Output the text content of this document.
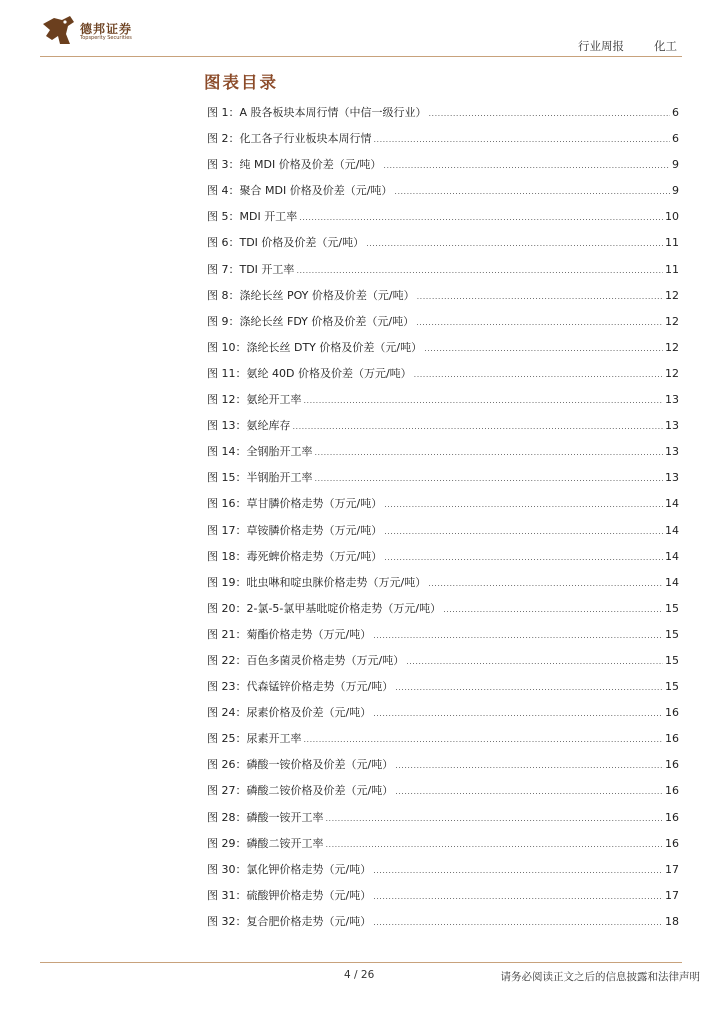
德邦证券
Topsperity Securities
行业周报	化工
图表目录
图 1：A 股各板块本周行情（中信一级行业） .....	6
图 2：化工各子行业板块本周行情 .....	6
图 3：纯 MDI 价格及价差（元/吨） .....	9
图 4：聚合 MDI 价格及价差（元/吨） .....	9
图 5：MDI 开工率 .....	10
图 6：TDI 价格及价差（元/吨） .....	11
图 7：TDI 开工率 .....	11
图 8：涤纶长丝 POY 价格及价差（元/吨） .....	12
图 9：涤纶长丝 FDY 价格及价差（元/吨） .....	12
图 10：涤纶长丝 DTY 价格及价差（元/吨） .....	12
图 11：氨纶 40D 价格及价差（万元/吨） .....	12
图 12：氨纶开工率 .....	13
图 13：氨纶库存 .....	13
图 14：全钢胎开工率 .....	13
图 15：半钢胎开工率 .....	13
图 16：草甘膦价格走势（万元/吨） .....	14
图 17：草铵膦价格走势（万元/吨） .....	14
图 18：毒死蜱价格走势（万元/吨） .....	14
图 19：吡虫啉和啶虫脒价格走势（万元/吨） .....	14
图 20：2-氯-5-氯甲基吡啶价格走势（万元/吨） .....	15
图 21：菊酯价格走势（万元/吨） .....	15
图 22：百色多菌灵价格走势（万元/吨） .....	15
图 23：代森锰锌价格走势（万元/吨） .....	15
图 24：尿素价格及价差（元/吨） .....	16
图 25：尿素开工率 .....	16
图 26：磷酸一铵价格及价差（元/吨） .....	16
图 27：磷酸二铵价格及价差（元/吨） .....	16
图 28：磷酸一铵开工率 .....	16
图 29：磷酸二铵开工率 .....	16
图 30：氯化钾价格走势（元/吨） .....	17
图 31：硫酸钾价格走势（元/吨） .....	17
图 32：复合肥价格走势（元/吨） .....	18
4 / 26	请务必阅读正文之后的信息披露和法律声明
